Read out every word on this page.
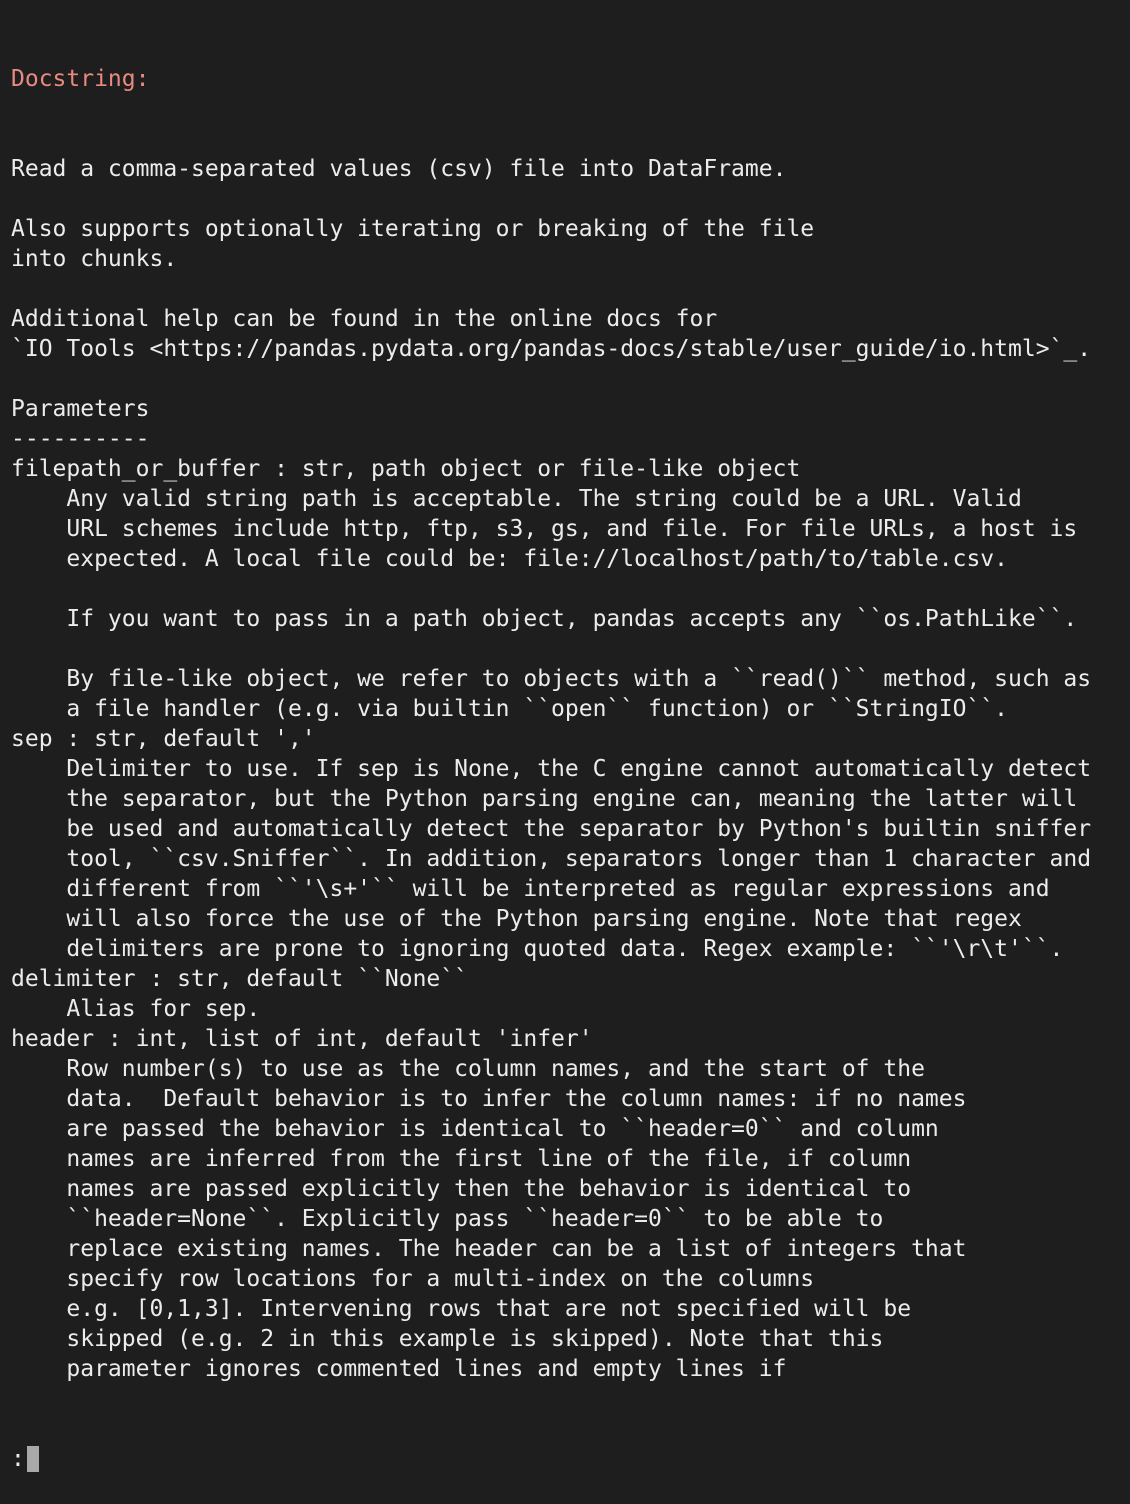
Docstring:

Read a comma-separated values (csv) file into DataFrame.
Also supports optionally iterating or breaking of the file
into chunks.
Additional help can be found in the online docs for
`IO Tools <https://pandas.pydata.org/pandas-docs/stable/user_guide/io.html>`_.
Parameters
----------
filepath_or_buffer : str, path object or file-like object
Any valid string path is acceptable. The string could be a URL. Valid
URL schemes include http, ftp, s3, gs, and file. For file URLs, a host is
expected. A local file could be: file://localhost/path/to/table.csv.
If you want to pass in a path object, pandas accepts any ``os.PathLike``.
By file-like object, we refer to objects with a ``read()`` method, such as
a file handler (e.g. via builtin ``open`` function) or ``StringIO``.
sep : str, default ','
Delimiter to use. If sep is None, the C engine cannot automatically detect
the separator, but the Python parsing engine can, meaning the latter will
be used and automatically detect the separator by Python's builtin sniffer
tool, ``csv.Sniffer``. In addition, separators longer than 1 character and
different from ``'\s+'`` will be interpreted as regular expressions and
will also force the use of the Python parsing engine. Note that regex
delimiters are prone to ignoring quoted data. Regex example: ``'\r\t'``.
delimiter : str, default ``None``
Alias for sep.
header : int, list of int, default 'infer'
Row number(s) to use as the column names, and the start of the
data.  Default behavior is to infer the column names: if no names
are passed the behavior is identical to ``header=0`` and column
names are inferred from the first line of the file, if column
names are passed explicitly then the behavior is identical to
``header=None``. Explicitly pass ``header=0`` to be able to
replace existing names. The header can be a list of integers that
specify row locations for a multi-index on the columns
e.g. [0,1,3]. Intervening rows that are not specified will be
skipped (e.g. 2 in this example is skipped). Note that this
parameter ignores commented lines and empty lines if

:
